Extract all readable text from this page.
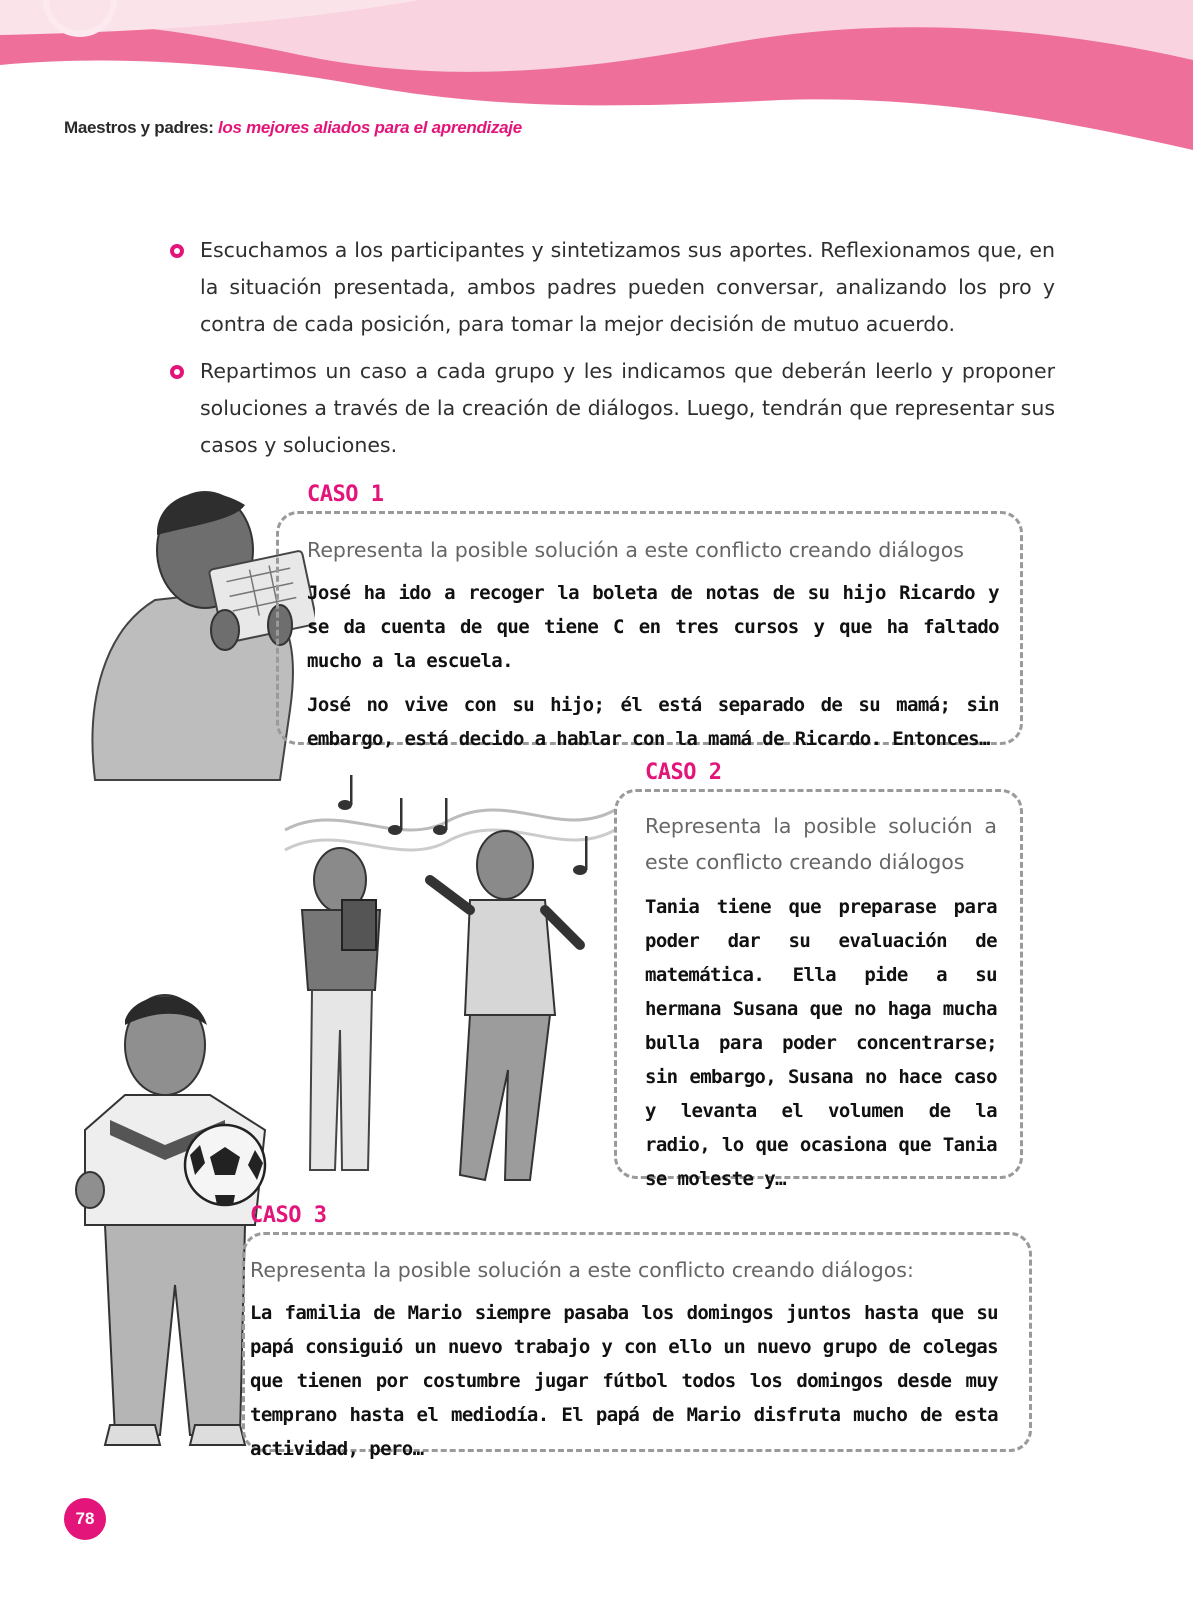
Maestros y padres: los mejores aliados para el aprendizaje
Escuchamos a los participantes y sintetizamos sus aportes. Reflexionamos que, en la situación presentada, ambos padres pueden conversar, analizando los pro y contra de cada posición, para tomar la mejor decisión de mutuo acuerdo.
Repartimos un caso a cada grupo y les indicamos que deberán leerlo y proponer soluciones a través de la creación de diálogos. Luego, tendrán que representar sus casos y soluciones.
CASO 1
Representa la posible solución a este conflicto creando diálogos

José ha ido a recoger la boleta de notas de su hijo Ricardo y se da cuenta de que tiene C en tres cursos y que ha faltado mucho a la escuela.

José no vive con su hijo; él está separado de su mamá; sin embargo, está decido a hablar con la mamá de Ricardo. Entonces…

CASO 2
Representa la posible solución a este conflicto creando diálogos

Tania tiene que preparase para poder dar su evaluación de matemática. Ella pide a su hermana Susana que no haga mucha bulla para poder concentrarse; sin embargo, Susana no hace caso y levanta el volumen de la radio, lo que ocasiona que Tania se moleste y…

CASO 3
Representa la posible solución a este conflicto creando diálogos:

La familia de Mario siempre pasaba los domingos juntos hasta que su papá consiguió un nuevo trabajo y con ello un nuevo grupo de colegas que tienen por costumbre jugar fútbol todos los domingos desde muy temprano hasta el mediodía. El papá de Mario disfruta mucho de esta actividad, pero…

78
